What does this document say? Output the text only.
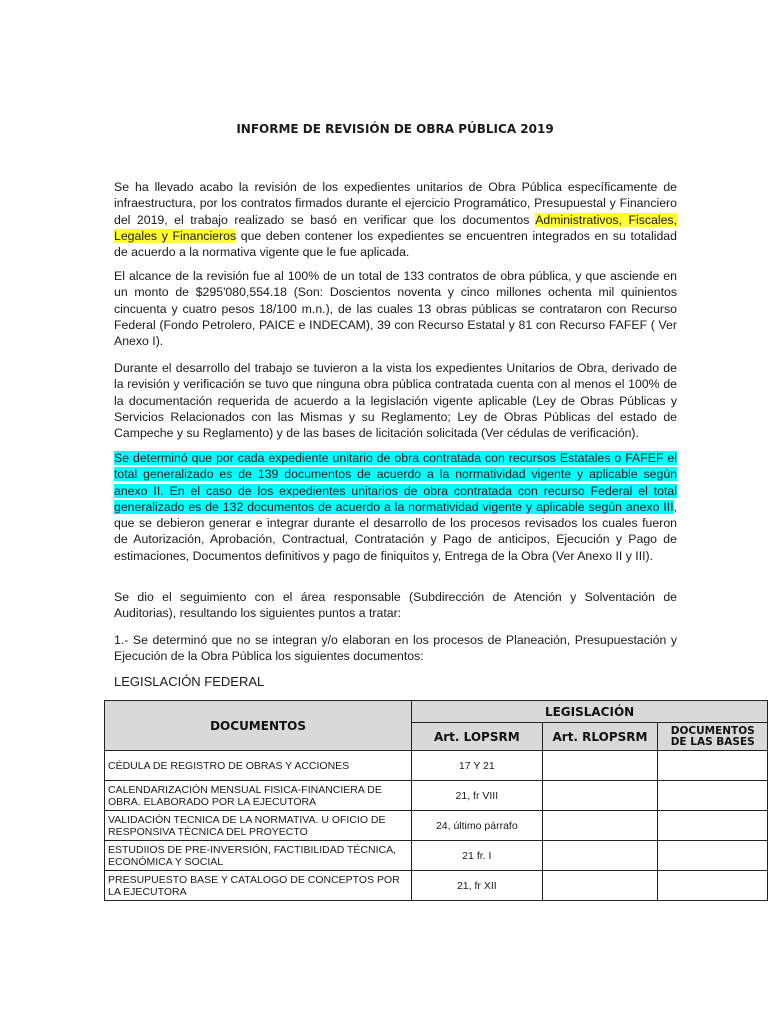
INFORME DE REVISIÓN DE OBRA PÚBLICA 2019

Se ha llevado acabo la revisión de los expedientes unitarios de Obra Pública específicamente de infraestructura, por los contratos firmados durante el ejercicio Programático, Presupuestal y Financiero del 2019, el trabajo realizado se basó en verificar que los documentos Administrativos, Fiscales, Legales y Financieros que deben contener los expedientes se encuentren integrados en su totalidad de acuerdo a la normativa vigente que le fue aplicada.

El alcance de la revisión fue al 100% de un total de 133 contratos de obra pública, y que asciende en un monto de $295'080,554.18 (Son: Doscientos noventa y cinco millones ochenta mil quinientos cincuenta y cuatro pesos 18/100 m.n.), de las cuales 13 obras públicas se contrataron con Recurso Federal (Fondo Petrolero, PAICE e INDECAM), 39 con Recurso Estatal y 81 con Recurso FAFEF ( Ver Anexo I).

Durante el desarrollo del trabajo se tuvieron a la vista los expedientes Unitarios de Obra, derivado de la revisión y verificación se tuvo que ninguna obra pública contratada cuenta con al menos el 100% de la documentación requerida de acuerdo a la legislación vigente aplicable (Ley de Obras Públicas y Servicios Relacionados con las Mismas y su Reglamento; Ley de Obras Públicas del estado de Campeche y su Reglamento) y de las bases de licitación solicitada (Ver cédulas de verificación).

Se determinó que por cada expediente unitario de obra contratada con recursos Estatales o FAFEF el total generalizado es de 139 documentos de acuerdo a la normatividad vigente y aplicable según anexo II. En el caso de los expedientes unitarios de obra contratada con recurso Federal el total generalizado es de 132 documentos de acuerdo a la normatividad vigente y aplicable según anexo III, que se debieron generar e integrar durante el desarrollo de los procesos revisados los cuales fueron de Autorización, Aprobación, Contractual, Contratación y Pago de anticipos, Ejecución y Pago de estimaciones, Documentos definitivos y pago de finiquitos y, Entrega de la Obra (Ver Anexo II y III).

Se dio el seguimiento con el área responsable (Subdirección de Atención y Solventación de Auditorias), resultando los siguientes puntos a tratar:

1.- Se determinó que no se integran y/o elaboran en los procesos de Planeación, Presupuestación y Ejecución de la Obra Pública los siguientes documentos:

LEGISLACIÓN FEDERAL
DOCUMENTOS	LEGISLACIÓN		
	Art. LOPSRM	Art. RLOPSRM	DOCUMENTOS DE LAS BASES
CÉDULA DE REGISTRO DE OBRAS Y ACCIONES	17 Y 21		
CALENDARIZACIÓN MENSUAL FISICA-FINANCIERA DE OBRA. ELABORADO POR LA EJECUTORA	21, fr VIII		
VALIDACIÓN TECNICA DE LA NORMATIVA. U OFICIO DE RESPONSIVA TÉCNICA DEL PROYECTO	24, último párrafo		
ESTUDIIOS DE PRE-INVERSIÓN, FACTIBILIDAD TÉCNICA, ECONÓMICA Y SOCIAL	21 fr. I		
PRESUPUESTO BASE Y CATALOGO DE CONCEPTOS POR LA EJECUTORA	21, fr XII		
